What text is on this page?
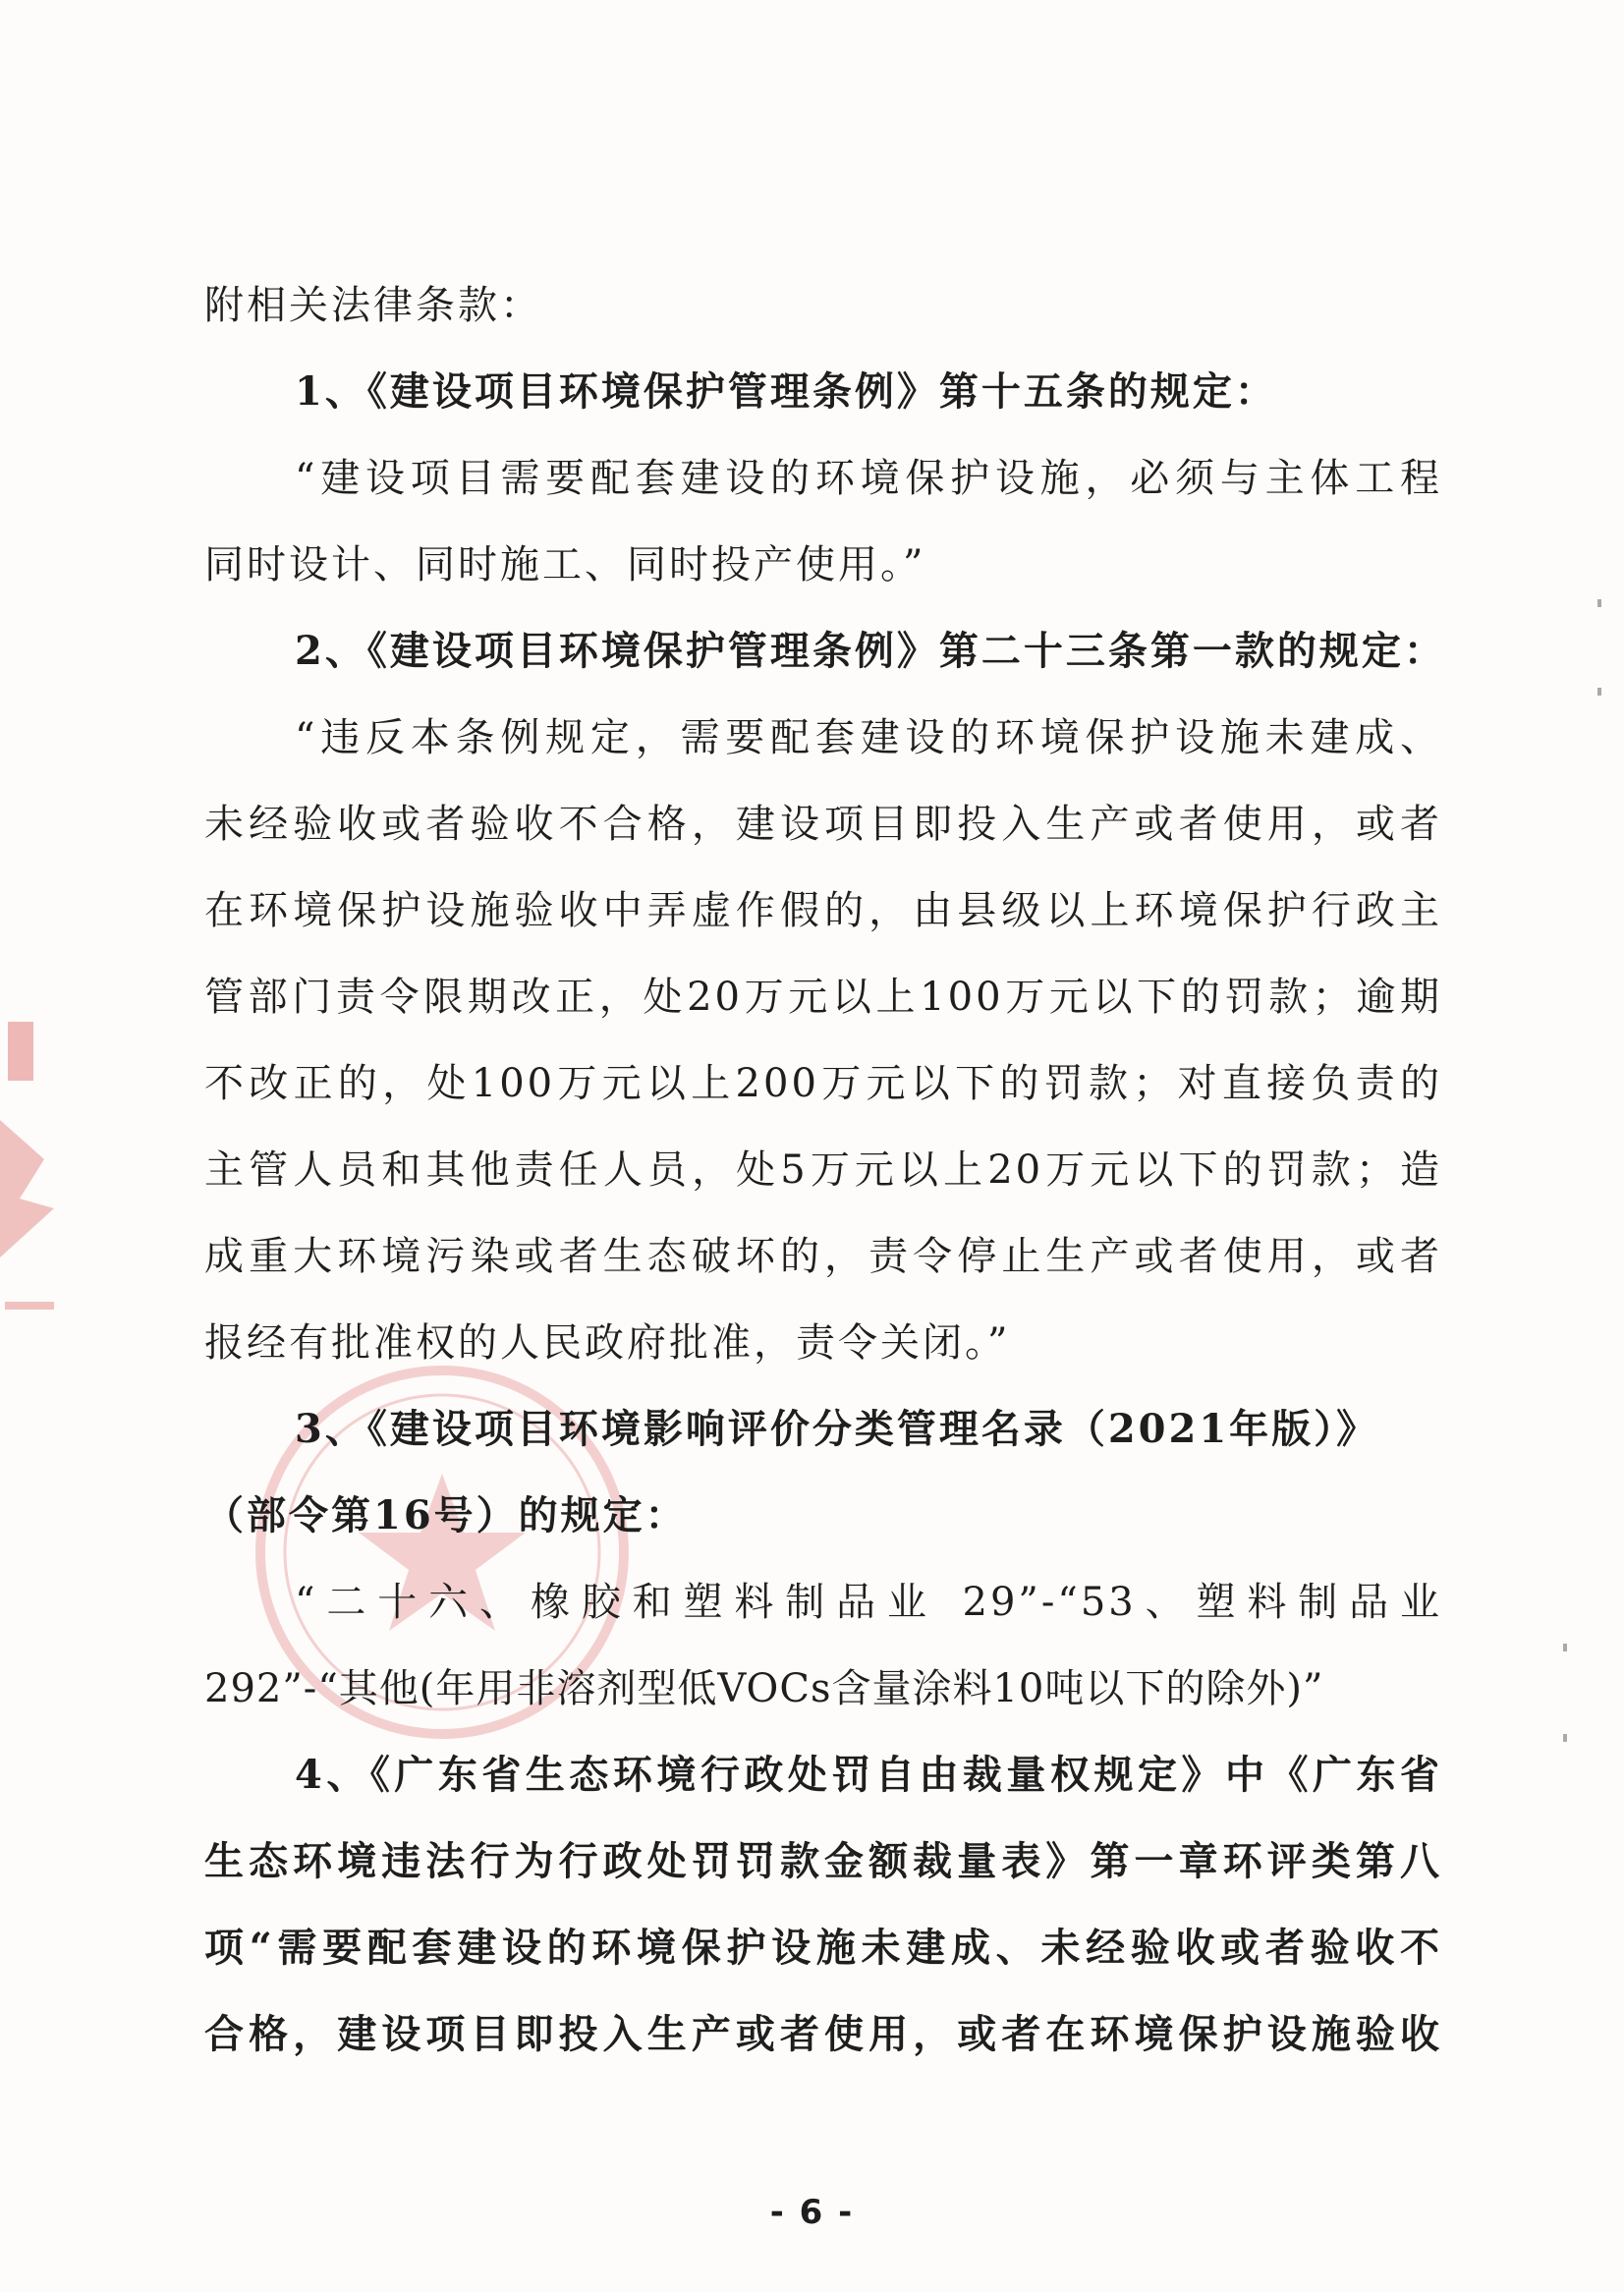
附相关法律条款：
1、《建设项目环境保护管理条例》第十五条的规定：
“建设项目需要配套建设的环境保护设施，必须与主体工程
同时设计、同时施工、同时投产使用。”
2、《建设项目环境保护管理条例》第二十三条第一款的规定：
“违反本条例规定，需要配套建设的环境保护设施未建成、
未经验收或者验收不合格，建设项目即投入生产或者使用，或者
在环境保护设施验收中弄虚作假的，由县级以上环境保护行政主
管部门责令限期改正，处20万元以上100万元以下的罚款；逾期
不改正的，处100万元以上200万元以下的罚款；对直接负责的
主管人员和其他责任人员，处5万元以上20万元以下的罚款；造
成重大环境污染或者生态破坏的，责令停止生产或者使用，或者
报经有批准权的人民政府批准，责令关闭。”
3、《建设项目环境影响评价分类管理名录（2021年版）》
（部令第16号）的规定：
“二十六、橡胶和塑料制品业 29”-“53、塑料制品业
292”-“其他(年用非溶剂型低VOCs含量涂料10吨以下的除外)”
4、《广东省生态环境行政处罚自由裁量权规定》中《广东省
生态环境违法行为行政处罚罚款金额裁量表》第一章环评类第八
项“需要配套建设的环境保护设施未建成、未经验收或者验收不
合格，建设项目即投入生产或者使用，或者在环境保护设施验收
- 6 -
